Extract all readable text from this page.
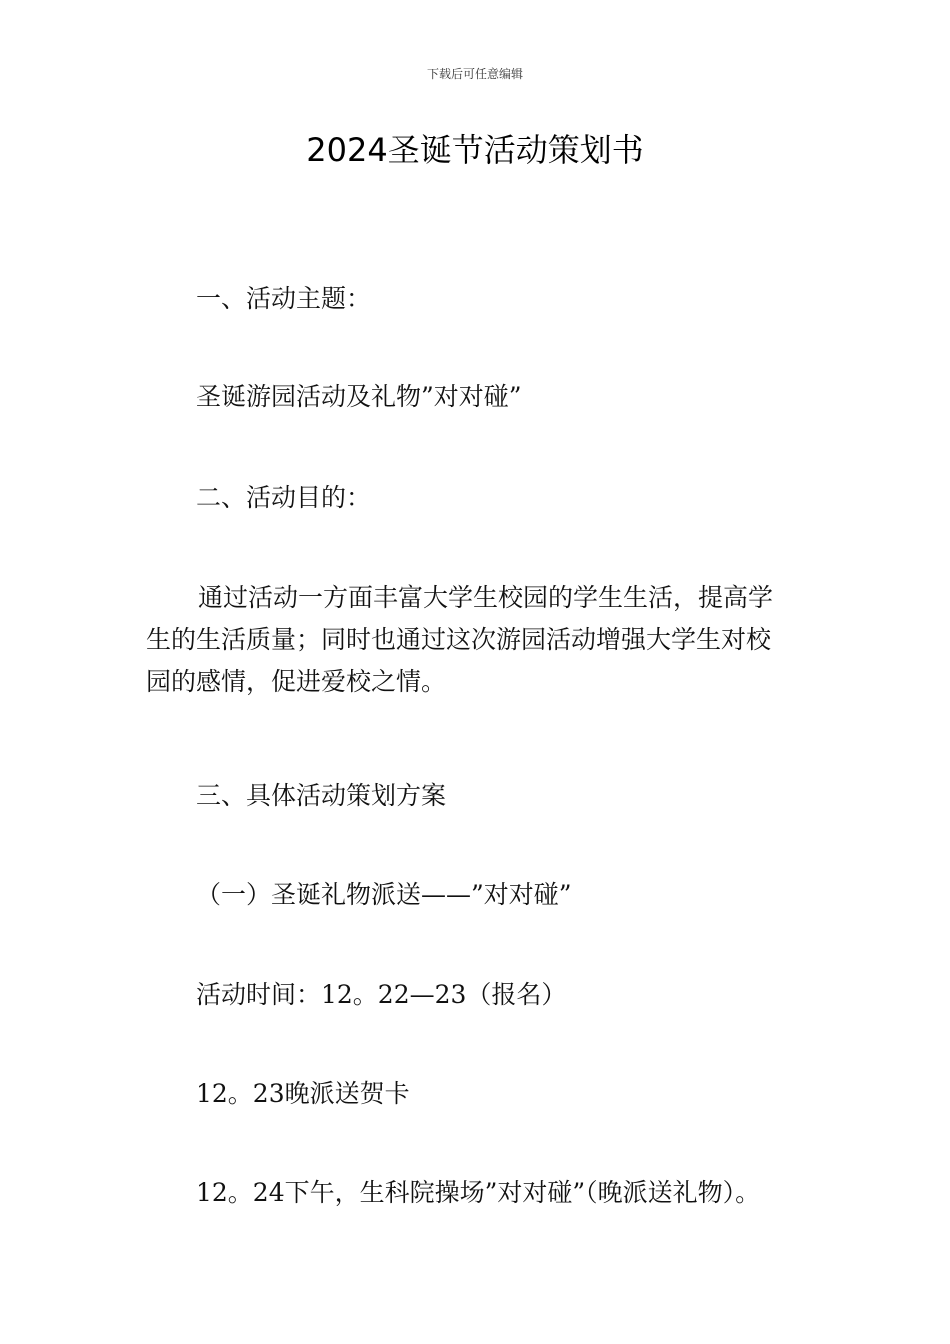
下载后可任意编辑
2024圣诞节活动策划书
一、活动主题：
圣诞游园活动及礼物”对对碰”
二、活动目的：
通过活动一方面丰富大学生校园的学生生活，提高学
生的生活质量；同时也通过这次游园活动增强大学生对校
园的感情，促进爱校之情。
三、具体活动策划方案
（一）圣诞礼物派送——”对对碰”
活动时间：12。22—23（报名）
12。23晚派送贺卡
12。24下午，生科院操场”对对碰”（晚派送礼物）。
